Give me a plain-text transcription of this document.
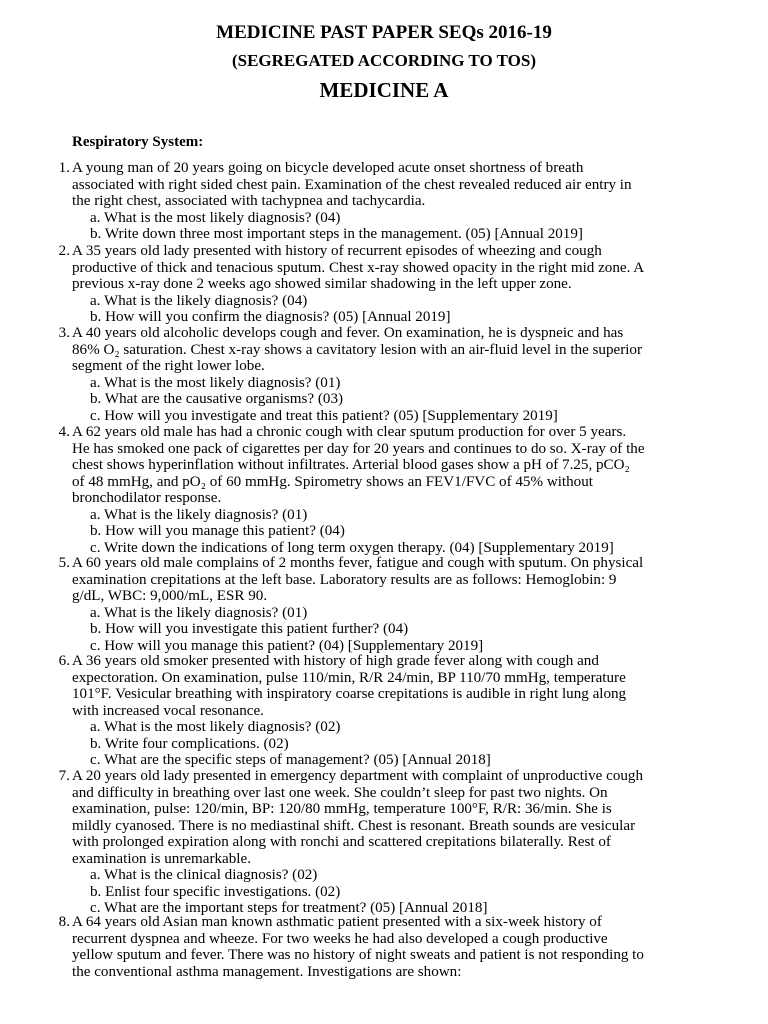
MEDICINE PAST PAPER SEQs 2016-19
(SEGREGATED ACCORDING TO TOS)
MEDICINE A
Respiratory System:
1. A young man of 20 years going on bicycle developed acute onset shortness of breath
associated with right sided chest pain. Examination of the chest revealed reduced air entry in
the right chest, associated with tachypnea and tachycardia.
a. What is the most likely diagnosis? (04)
b. Write down three most important steps in the management. (05) [Annual 2019]
2. A 35 years old lady presented with history of recurrent episodes of wheezing and cough
productive of thick and tenacious sputum. Chest x-ray showed opacity in the right mid zone. A
previous x-ray done 2 weeks ago showed similar shadowing in the left upper zone.
a. What is the likely diagnosis? (04)
b. How will you confirm the diagnosis? (05) [Annual 2019]
3. A 40 years old alcoholic develops cough and fever. On examination, he is dyspneic and has
86% O₂ saturation. Chest x-ray shows a cavitatory lesion with an air-fluid level in the superior
segment of the right lower lobe.
a. What is the most likely diagnosis? (01)
b. What are the causative organisms? (03)
c. How will you investigate and treat this patient? (05) [Supplementary 2019]
4. A 62 years old male has had a chronic cough with clear sputum production for over 5 years.
He has smoked one pack of cigarettes per day for 20 years and continues to do so. X-ray of the
chest shows hyperinflation without infiltrates. Arterial blood gases show a pH of 7.25, pCO₂
of 48 mmHg, and pO₂ of 60 mmHg. Spirometry shows an FEV1/FVC of 45% without
bronchodilator response.
a. What is the likely diagnosis? (01)
b. How will you manage this patient? (04)
c. Write down the indications of long term oxygen therapy. (04) [Supplementary 2019]
5. A 60 years old male complains of 2 months fever, fatigue and cough with sputum. On physical
examination crepitations at the left base. Laboratory results are as follows: Hemoglobin: 9
g/dL, WBC: 9,000/mL, ESR 90.
a. What is the likely diagnosis? (01)
b. How will you investigate this patient further? (04)
c. How will you manage this patient? (04) [Supplementary 2019]
6. A 36 years old smoker presented with history of high grade fever along with cough and
expectoration. On examination, pulse 110/min, R/R 24/min, BP 110/70 mmHg, temperature
101°F. Vesicular breathing with inspiratory coarse crepitations is audible in right lung along
with increased vocal resonance.
a. What is the most likely diagnosis? (02)
b. Write four complications. (02)
c. What are the specific steps of management? (05) [Annual 2018]
7. A 20 years old lady presented in emergency department with complaint of unproductive cough
and difficulty in breathing over last one week. She couldn’t sleep for past two nights. On
examination, pulse: 120/min, BP: 120/80 mmHg, temperature 100°F, R/R: 36/min. She is
mildly cyanosed. There is no mediastinal shift. Chest is resonant. Breath sounds are vesicular
with prolonged expiration along with ronchi and scattered crepitations bilaterally. Rest of
examination is unremarkable.
a. What is the clinical diagnosis? (02)
b. Enlist four specific investigations. (02)
c. What are the important steps for treatment? (05) [Annual 2018]
8. A 64 years old Asian man known asthmatic patient presented with a six-week history of
recurrent dyspnea and wheeze. For two weeks he had also developed a cough productive
yellow sputum and fever. There was no history of night sweats and patient is not responding to
the conventional asthma management. Investigations are shown:
